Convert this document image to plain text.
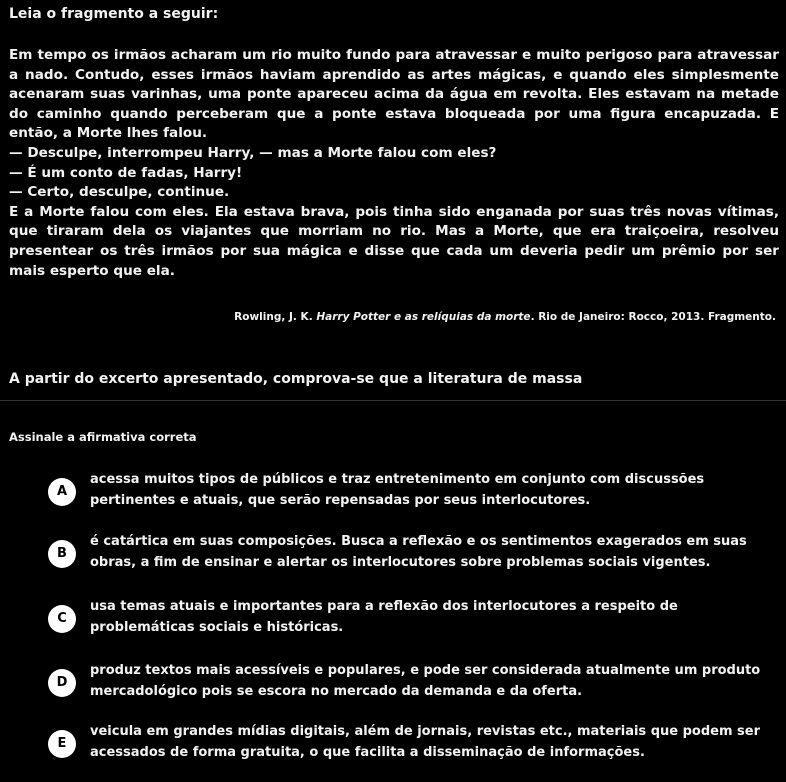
Leia o fragmento a seguir:

Em tempo os irmãos acharam um rio muito fundo para atravessar e muito perigoso para atravessar a nado. Contudo, esses irmãos haviam aprendido as artes mágicas, e quando eles simplesmente acenaram suas varinhas, uma ponte apareceu acima da água em revolta. Eles estavam na metade do caminho quando perceberam que a ponte estava bloqueada por uma figura encapuzada. E então, a Morte lhes falou.

— Desculpe, interrompeu Harry, — mas a Morte falou com eles?

— É um conto de fadas, Harry!

— Certo, desculpe, continue.

E a Morte falou com eles. Ela estava brava, pois tinha sido enganada por suas três novas vítimas, que tiraram dela os viajantes que morriam no rio. Mas a Morte, que era traiçoeira, resolveu presentear os três irmãos por sua mágica e disse que cada um deveria pedir um prêmio por ser mais esperto que ela.

Rowling, J. K. Harry Potter e as relíquias da morte. Rio de Janeiro: Rocco, 2013. Fragmento.
A partir do excerto apresentado, comprova-se que a literatura de massa
Assinale a afirmativa correta
A
acessa muitos tipos de públicos e traz entretenimento em conjunto com discussões pertinentes e atuais, que serão repensadas por seus interlocutores.
B
é catártica em suas composições. Busca a reflexão e os sentimentos exagerados em suas obras, a fim de ensinar e alertar os interlocutores sobre problemas sociais vigentes.
C
usa temas atuais e importantes para a reflexão dos interlocutores a respeito de problemáticas sociais e históricas.
D
produz textos mais acessíveis e populares, e pode ser considerada atualmente um produto mercadológico pois se escora no mercado da demanda e da oferta.
E
veicula em grandes mídias digitais, além de jornais, revistas etc., materiais que podem ser acessados de forma gratuita, o que facilita a disseminação de informações.
